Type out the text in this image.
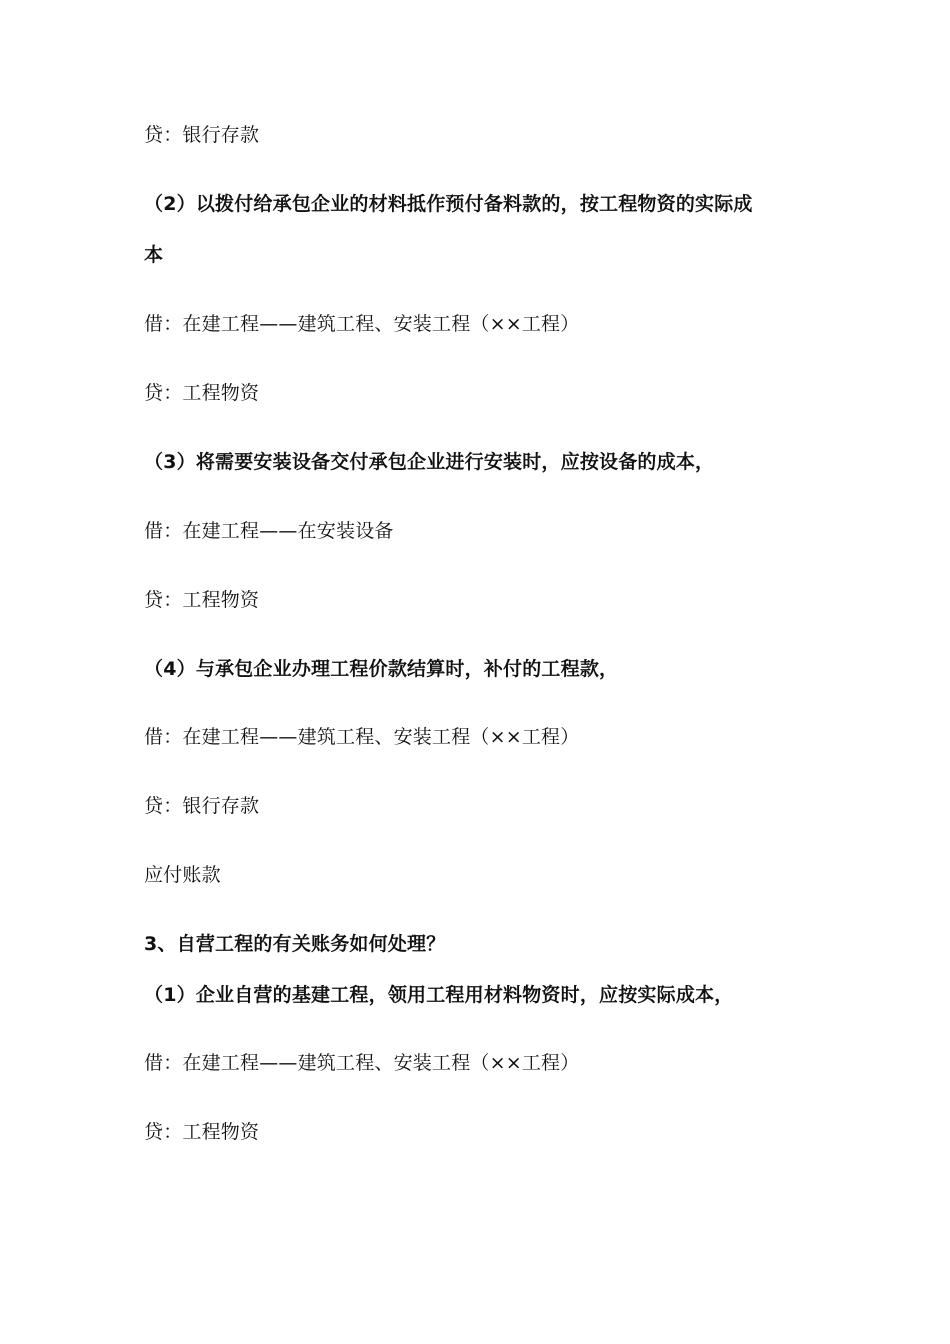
贷：银行存款
（2）以拨付给承包企业的材料抵作预付备料款的，按工程物资的实际成
本
借：在建工程——建筑工程、安装工程（××工程）
贷：工程物资
（3）将需要安装设备交付承包企业进行安装时，应按设备的成本，
借：在建工程——在安装设备
贷：工程物资
（4）与承包企业办理工程价款结算时，补付的工程款，
借：在建工程——建筑工程、安装工程（××工程）
贷：银行存款
应付账款
3、自营工程的有关账务如何处理？
（1）企业自营的基建工程，领用工程用材料物资时，应按实际成本，
借：在建工程——建筑工程、安装工程（××工程）
贷：工程物资
